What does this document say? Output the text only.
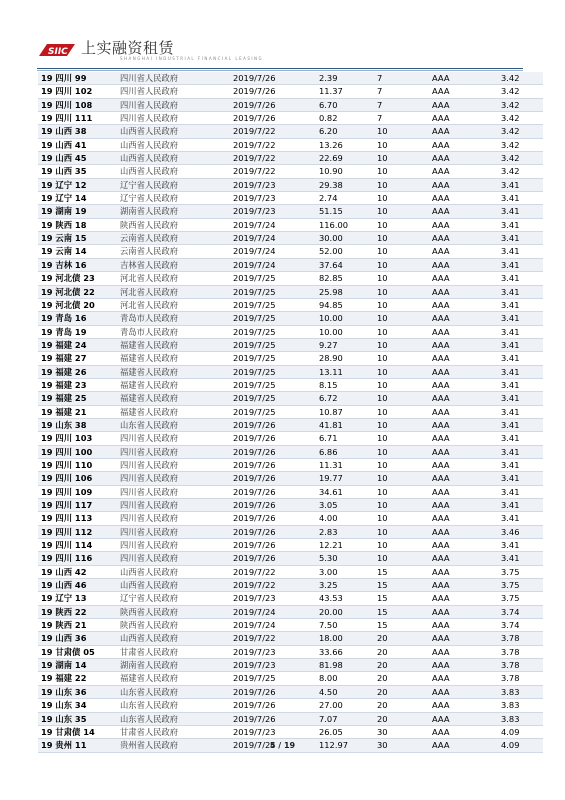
SIIC 上实融资租赁
SHANGHAI INDUSTRIAL FINANCIAL LEASING
19 四川 99	四川省人民政府	2019/7/26	2.39	7	AAA	3.42
19 四川 102	四川省人民政府	2019/7/26	11.37	7	AAA	3.42
19 四川 108	四川省人民政府	2019/7/26	6.70	7	AAA	3.42
19 四川 111	四川省人民政府	2019/7/26	0.82	7	AAA	3.42
19 山西 38	山西省人民政府	2019/7/22	6.20	10	AAA	3.42
19 山西 41	山西省人民政府	2019/7/22	13.26	10	AAA	3.42
19 山西 45	山西省人民政府	2019/7/22	22.69	10	AAA	3.42
19 山西 35	山西省人民政府	2019/7/22	10.90	10	AAA	3.42
19 辽宁 12	辽宁省人民政府	2019/7/23	29.38	10	AAA	3.41
19 辽宁 14	辽宁省人民政府	2019/7/23	2.74	10	AAA	3.41
19 湖南 19	湖南省人民政府	2019/7/23	51.15	10	AAA	3.41
19 陕西 18	陕西省人民政府	2019/7/24	116.00	10	AAA	3.41
19 云南 15	云南省人民政府	2019/7/24	30.00	10	AAA	3.41
19 云南 14	云南省人民政府	2019/7/24	52.00	10	AAA	3.41
19 吉林 16	吉林省人民政府	2019/7/24	37.64	10	AAA	3.41
19 河北债 23	河北省人民政府	2019/7/25	82.85	10	AAA	3.41
19 河北债 22	河北省人民政府	2019/7/25	25.98	10	AAA	3.41
19 河北债 20	河北省人民政府	2019/7/25	94.85	10	AAA	3.41
19 青岛 16	青岛市人民政府	2019/7/25	10.00	10	AAA	3.41
19 青岛 19	青岛市人民政府	2019/7/25	10.00	10	AAA	3.41
19 福建 24	福建省人民政府	2019/7/25	9.27	10	AAA	3.41
19 福建 27	福建省人民政府	2019/7/25	28.90	10	AAA	3.41
19 福建 26	福建省人民政府	2019/7/25	13.11	10	AAA	3.41
19 福建 23	福建省人民政府	2019/7/25	8.15	10	AAA	3.41
19 福建 25	福建省人民政府	2019/7/25	6.72	10	AAA	3.41
19 福建 21	福建省人民政府	2019/7/25	10.87	10	AAA	3.41
19 山东 38	山东省人民政府	2019/7/26	41.81	10	AAA	3.41
19 四川 103	四川省人民政府	2019/7/26	6.71	10	AAA	3.41
19 四川 100	四川省人民政府	2019/7/26	6.86	10	AAA	3.41
19 四川 110	四川省人民政府	2019/7/26	11.31	10	AAA	3.41
19 四川 106	四川省人民政府	2019/7/26	19.77	10	AAA	3.41
19 四川 109	四川省人民政府	2019/7/26	34.61	10	AAA	3.41
19 四川 117	四川省人民政府	2019/7/26	3.05	10	AAA	3.41
19 四川 113	四川省人民政府	2019/7/26	4.00	10	AAA	3.41
19 四川 112	四川省人民政府	2019/7/26	2.83	10	AAA	3.46
19 四川 114	四川省人民政府	2019/7/26	12.21	10	AAA	3.41
19 四川 116	四川省人民政府	2019/7/26	5.30	10	AAA	3.41
19 山西 42	山西省人民政府	2019/7/22	3.00	15	AAA	3.75
19 山西 46	山西省人民政府	2019/7/22	3.25	15	AAA	3.75
19 辽宁 13	辽宁省人民政府	2019/7/23	43.53	15	AAA	3.75
19 陕西 22	陕西省人民政府	2019/7/24	20.00	15	AAA	3.74
19 陕西 21	陕西省人民政府	2019/7/24	7.50	15	AAA	3.74
19 山西 36	山西省人民政府	2019/7/22	18.00	20	AAA	3.78
19 甘肃债 05	甘肃省人民政府	2019/7/23	33.66	20	AAA	3.78
19 湖南 14	湖南省人民政府	2019/7/23	81.98	20	AAA	3.78
19 福建 22	福建省人民政府	2019/7/25	8.00	20	AAA	3.78
19 山东 36	山东省人民政府	2019/7/26	4.50	20	AAA	3.83
19 山东 34	山东省人民政府	2019/7/26	27.00	20	AAA	3.83
19 山东 35	山东省人民政府	2019/7/26	7.07	20	AAA	3.83
19 甘肃债 14	甘肃省人民政府	2019/7/23	26.05	30	AAA	4.09
19 贵州 11	贵州省人民政府	2019/7/24	112.97	30	AAA	4.09
5 / 19
